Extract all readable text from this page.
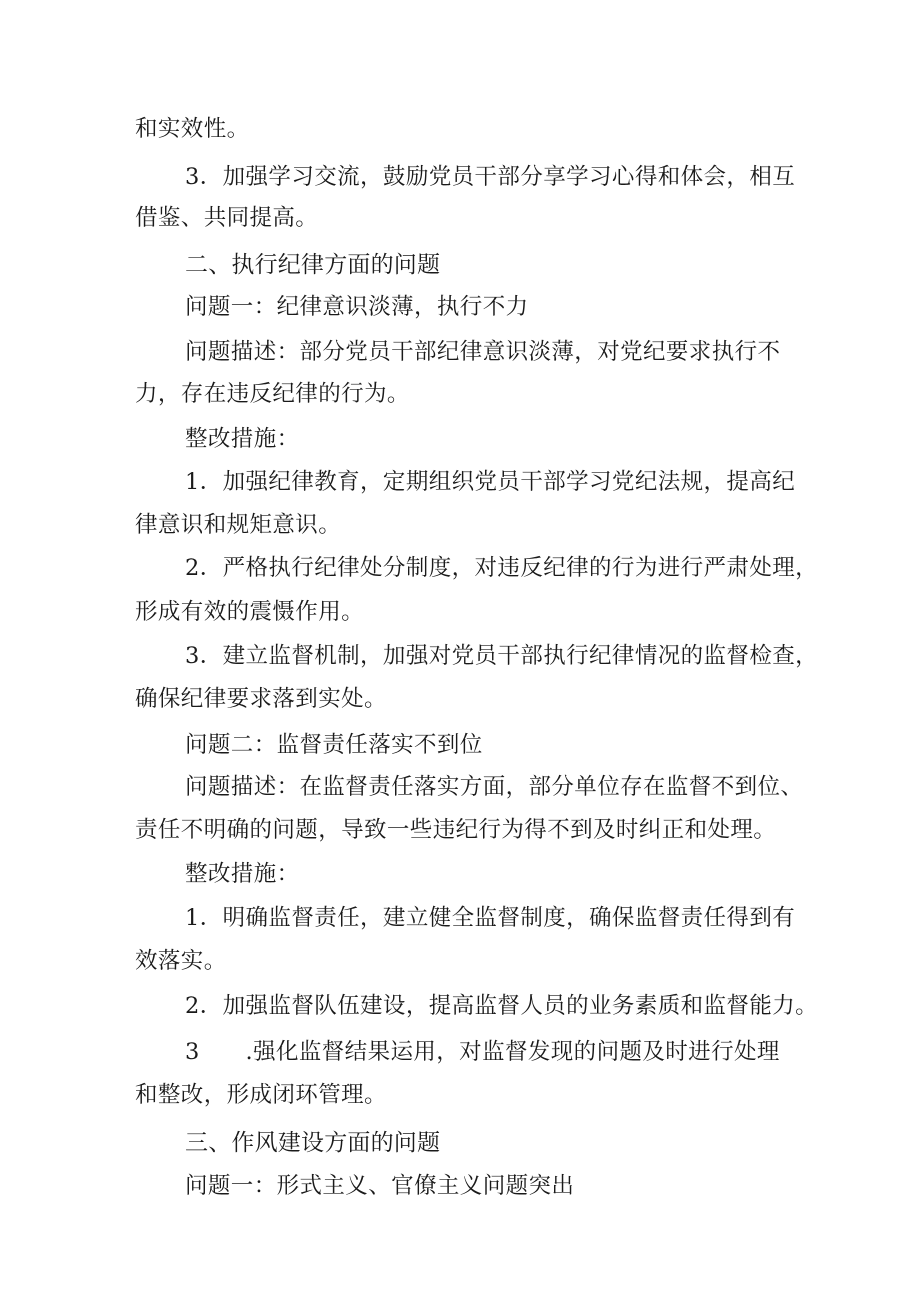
和实效性。
3．加强学习交流，鼓励党员干部分享学习心得和体会，相互
借鉴、共同提高。
二、执行纪律方面的问题
问题一：纪律意识淡薄，执行不力
问题描述：部分党员干部纪律意识淡薄，对党纪要求执行不
力，存在违反纪律的行为。
整改措施：
1．加强纪律教育，定期组织党员干部学习党纪法规，提高纪
律意识和规矩意识。
2．严格执行纪律处分制度，对违反纪律的行为进行严肃处理，
形成有效的震慑作用。
3．建立监督机制，加强对党员干部执行纪律情况的监督检查，
确保纪律要求落到实处。
问题二：监督责任落实不到位
问题描述：在监督责任落实方面，部分单位存在监督不到位、
责任不明确的问题，导致一些违纪行为得不到及时纠正和处理。
整改措施：
1．明确监督责任，建立健全监督制度，确保监督责任得到有
效落实。
2．加强监督队伍建设，提高监督人员的业务素质和监督能力。
3　　.强化监督结果运用，对监督发现的问题及时进行处理
和整改，形成闭环管理。
三、作风建设方面的问题
问题一：形式主义、官僚主义问题突出
